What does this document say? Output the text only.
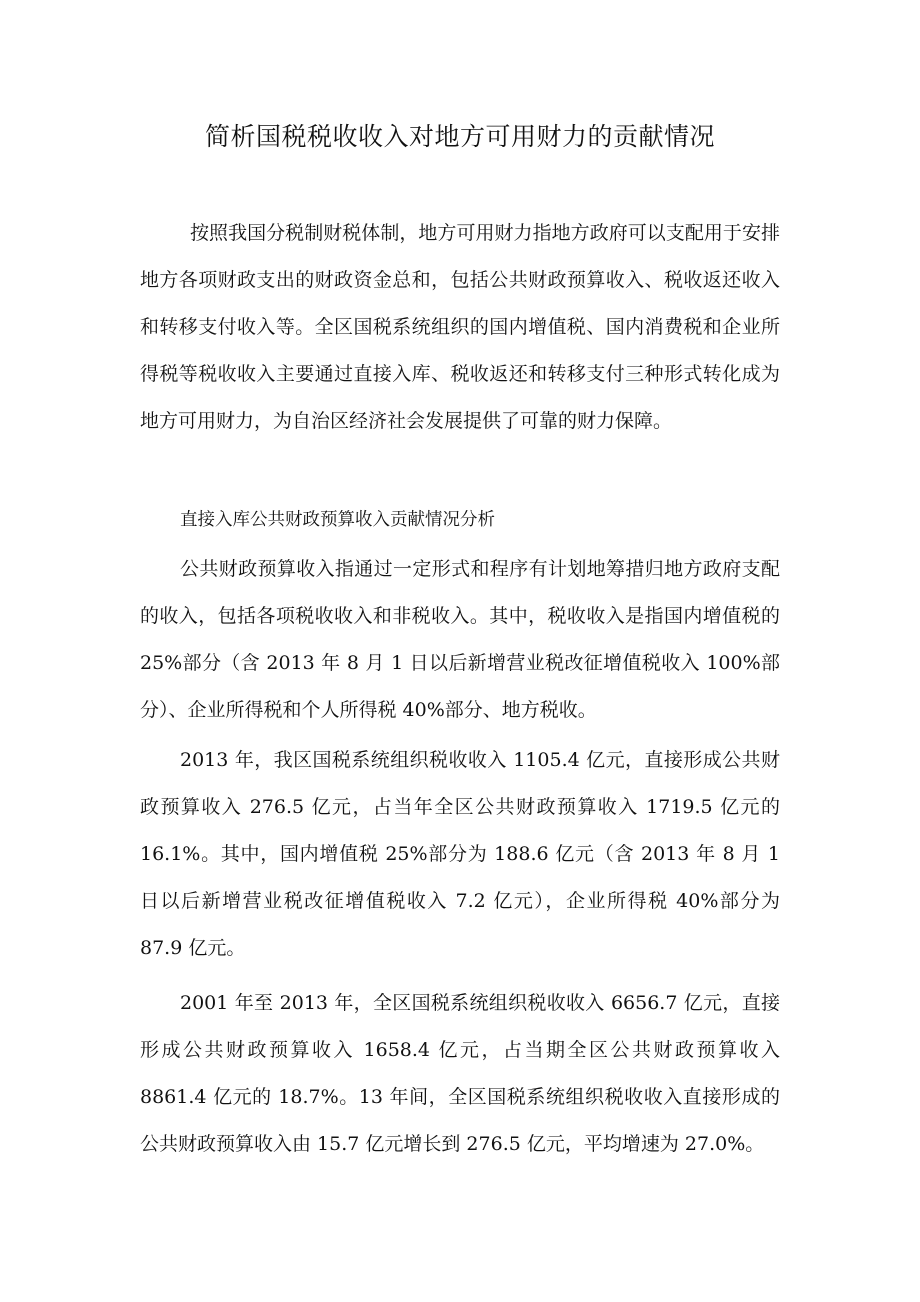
简析国税税收收入对地方可用财力的贡献情况

按照我国分税制财税体制，地方可用财力指地方政府可以支配用于安排地方各项财政支出的财政资金总和，包括公共财政预算收入、税收返还收入和转移支付收入等。全区国税系统组织的国内增值税、国内消费税和企业所得税等税收收入主要通过直接入库、税收返还和转移支付三种形式转化成为地方可用财力，为自治区经济社会发展提供了可靠的财力保障。

直接入库公共财政预算收入贡献情况分析

公共财政预算收入指通过一定形式和程序有计划地筹措归地方政府支配的收入，包括各项税收收入和非税收入。其中，税收收入是指国内增值税的 25%部分（含 2013 年 8 月 1 日以后新增营业税改征增值税收入 100%部分）、企业所得税和个人所得税 40%部分、地方税收。

2013 年，我区国税系统组织税收收入 1105.4 亿元，直接形成公共财政预算收入 276.5 亿元，占当年全区公共财政预算收入 1719.5 亿元的 16.1%。其中，国内增值税 25%部分为 188.6 亿元（含 2013 年 8 月 1 日以后新增营业税改征增值税收入 7.2 亿元），企业所得税 40%部分为 87.9 亿元。

2001 年至 2013 年，全区国税系统组织税收收入 6656.7 亿元，直接形成公共财政预算收入 1658.4 亿元，占当期全区公共财政预算收入 8861.4 亿元的 18.7%。13 年间，全区国税系统组织税收收入直接形成的公共财政预算收入由 15.7 亿元增长到 276.5 亿元，平均增速为 27.0%。
